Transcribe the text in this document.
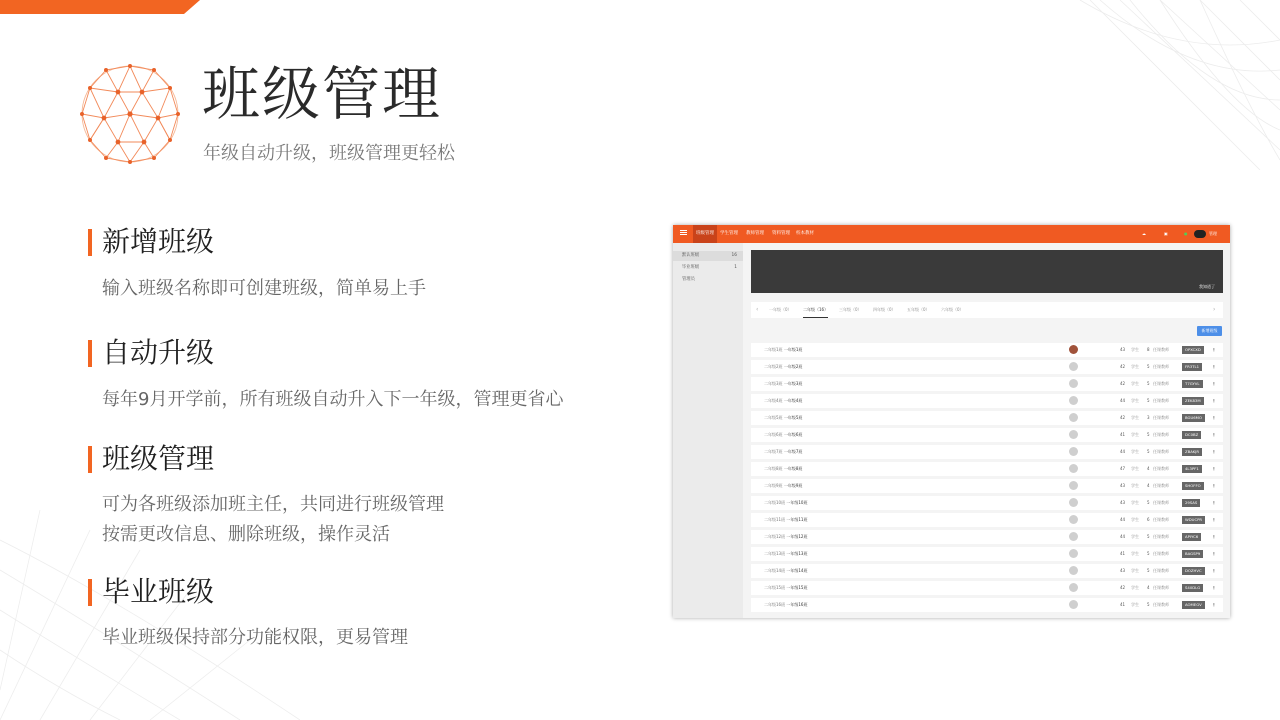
班级管理
年级自动升级，班级管理更轻松
新增班级
输入班级名称即可创建班级，简单易上手
自动升级
每年9月开学前，所有班级自动升入下一年级，管理更省心
班级管理
可为各班级添加班主任，共同进行班级管理
按需更改信息、删除班级，操作灵活
毕业班级
毕业班级保持部分功能权限，更易管理
班级管理	学生管理	教师管理	资料管理	校本教材	☁	▣	●	管理
默认班级	16
毕业班级	1
管理员
我知道了
‹	一年级（0）	二年级（16）	三年级（0）	四年级（0）	五年级（0）	六年级（0）	›
新增班级
二年级1班 一年级1班	43 学生 8 任课教师	OPXCXD	⋮
二年级2班 一年级2班	42 学生 5 任课教师	FR3TL1	⋮
二年级3班 一年级3班	42 学生 5 任课教师	T7GYVL	⋮
二年级4班 一年级4班	44 学生 5 任课教师	ZEK83M	⋮
二年级5班 一年级5班	42 学生 3 任课教师	BGU6MO	⋮
二年级6班 一年级6班	41 学生 5 任课教师	DC0BZ	⋮
二年级7班 一年级7班	44 学生 5 任课教师	ZBAKJR	⋮
二年级8班 一年级8班	47 学生 4 任课教师	4L3PF1	⋮
二年级9班 一年级9班	43 学生 4 任课教师	SHOFFO	⋮
二年级10班 一年级10班	43 学生 5 任课教师	29SAS	⋮
二年级11班 一年级11班	44 学生 6 任课教师	WDUCPR	⋮
二年级12班 一年级12班	44 学生 5 任课教师	APIYC6	⋮
二年级13班 一年级13班	41 学生 5 任课教师	BAGSP9	⋮
二年级14班 一年级14班	43 学生 5 任课教师	DOZHVC	⋮
二年级15班 一年级15班	42 学生 4 任课教师	S40DLG	⋮
二年级16班 一年级16班	41 学生 5 任课教师	AOMEGV	⋮
